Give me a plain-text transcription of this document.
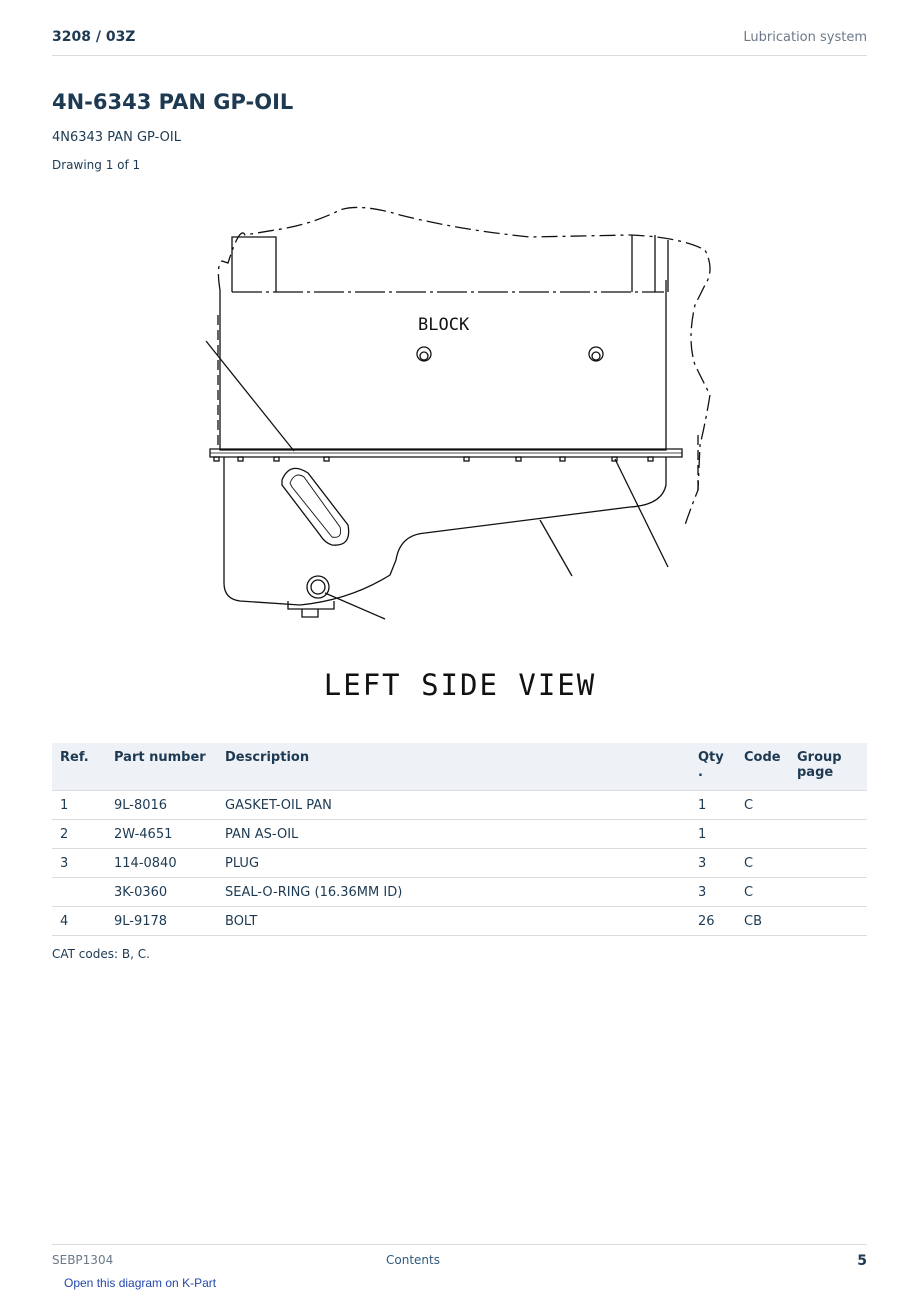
3208 / 03Z	Lubrication system
4N-6343 PAN GP-OIL
4N6343 PAN GP-OIL
Drawing 1 of 1
BLOCK
LEFT SIDE VIEW
Ref.	Part number	Description	Qty .	Code	Group page
1	9L-8016	GASKET-OIL PAN	1	C	
2	2W-4651	PAN AS-OIL	1		
3	114-0840	PLUG	3	C	
	3K-0360	SEAL-O-RING (16.36MM ID)	3	C	
4	9L-9178	BOLT	26	CB	
CAT codes: B, C.
SEBP1304	Contents	5
Open this diagram on K-Part
